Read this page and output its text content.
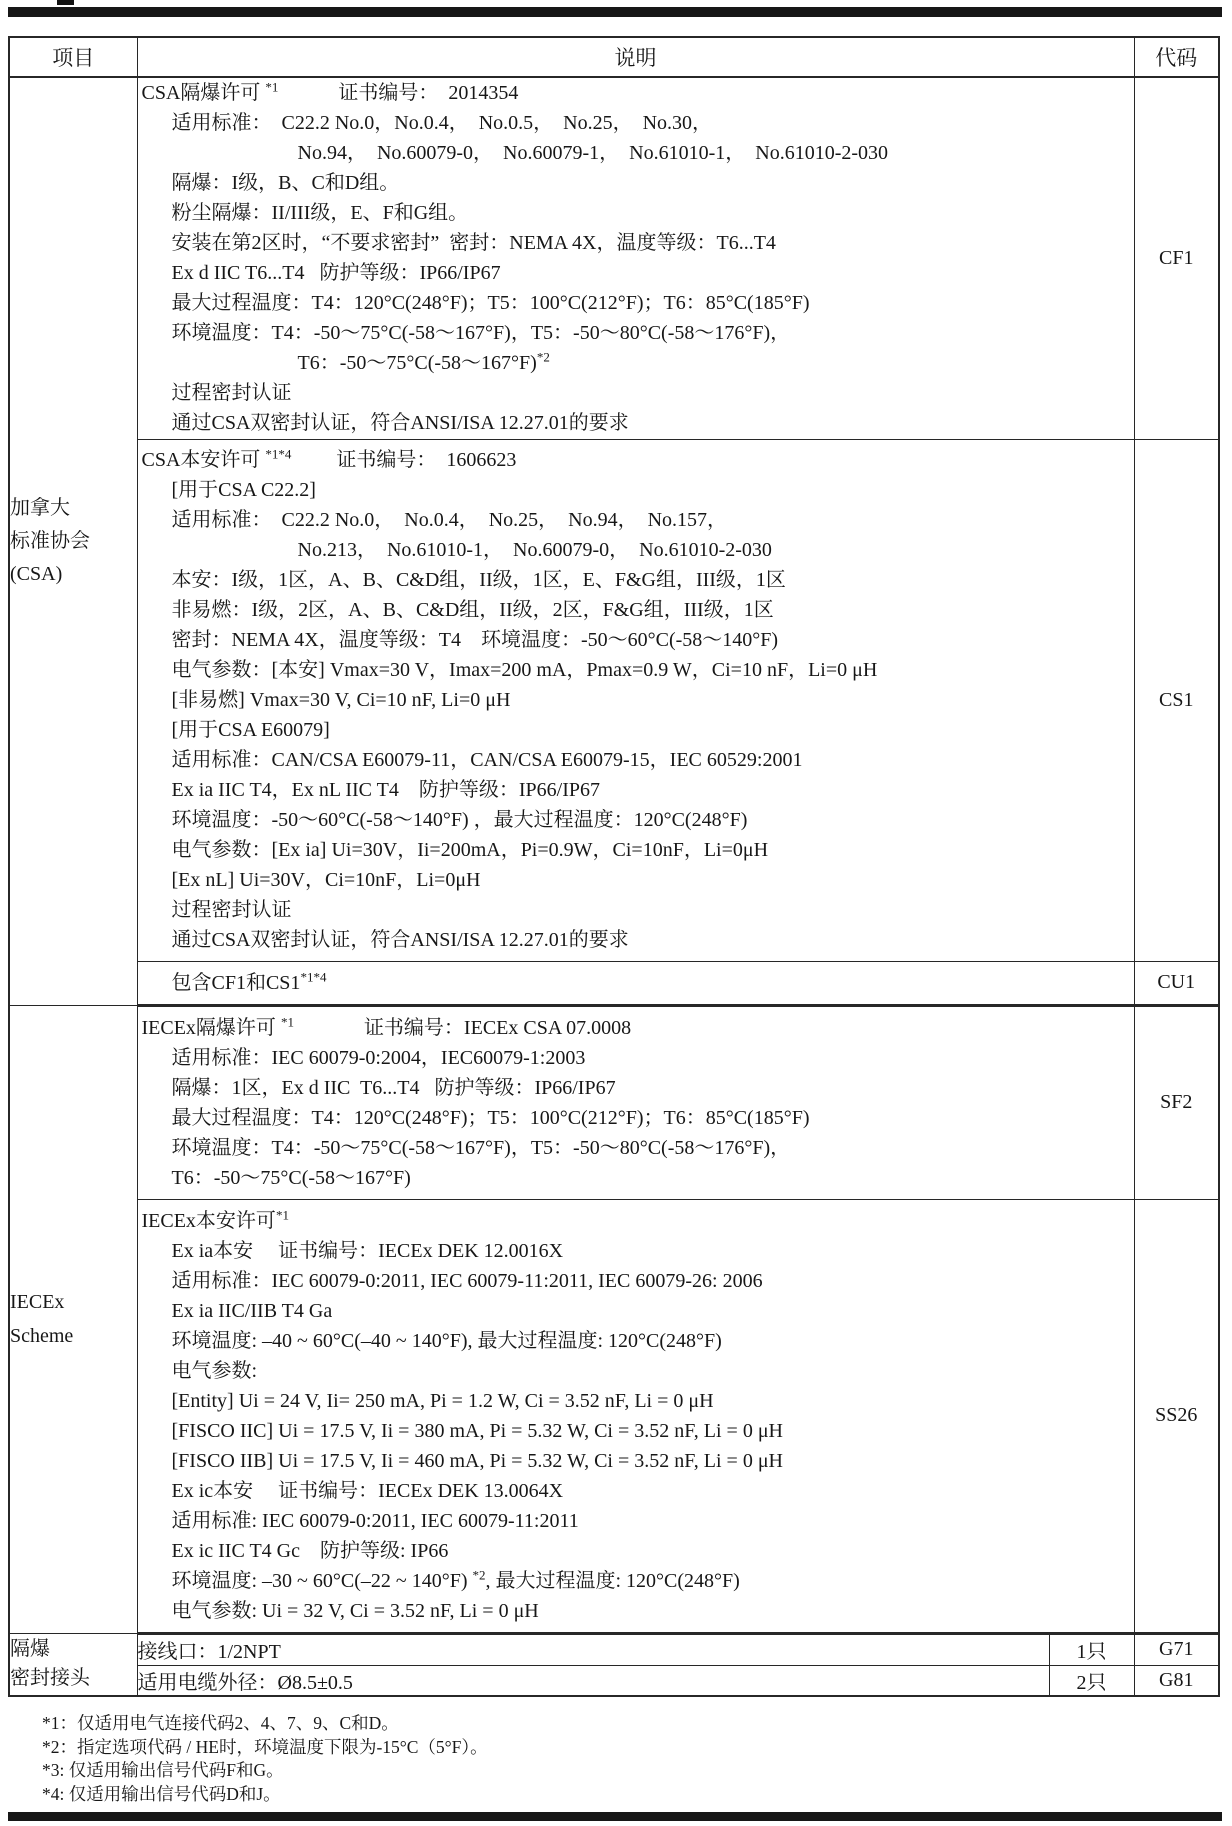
项目	说明		代码

加拿大
标准协会
(CSA)

CSA隔爆许可 $^{*1}$            证书编号：  2014354
适用标准：  C22.2 No.0，No.0.4，  No.0.5，  No.25，  No.30，
No.94，  No.60079-0，  No.60079-1，  No.61010-1，  No.61010-2-030
隔爆：I级，B、C和D组。
粉尘隔爆：II/III级，E、F和G组。
安装在第2区时，“不要求密封”  密封：NEMA 4X，温度等级：T6...T4
Ex d IIC T6...T4   防护等级：IP66/IP67
最大过程温度：T4：120°C(248°F)；T5：100°C(212°F)；T6：85°C(185°F)
环境温度：T4：-50～75°C(-58～167°F)，T5：-50～80°C(-58～176°F)，
T6：-50～75°C(-58～167°F)$^{*2}$
过程密封认证
通过CSA双密封认证，符合ANSI/ISA 12.27.01的要求
	CF1

CSA本安许可 $^{*1*4}$         证书编号：  1606623
[用于CSA C22.2]
适用标准：  C22.2 No.0，  No.0.4，  No.25，  No.94，  No.157，
No.213，  No.61010-1，  No.60079-0，  No.61010-2-030
本安：I级，1区，A、B、C&D组，II级，1区，E、F&G组，III级，1区
非易燃：I级，2区，A、B、C&D组，II级，2区，F&G组，III级，1区
密封：NEMA 4X，温度等级：T4    环境温度：-50～60°C(-58～140°F)
电气参数：[本安] Vmax=30 V，Imax=200 mA，Pmax=0.9 W，Ci=10 nF，Li=0 μH
[非易燃] Vmax=30 V, Ci=10 nF, Li=0 μH
[用于CSA E60079]
适用标准：CAN/CSA E60079-11，CAN/CSA E60079-15，IEC 60529:2001
Ex ia IIC T4，Ex nL IIC T4    防护等级：IP66/IP67
环境温度：-50～60°C(-58～140°F) ，最大过程温度：120°C(248°F)
电气参数：[Ex ia] Ui=30V，Ii=200mA，Pi=0.9W，Ci=10nF，Li=0μH
[Ex nL] Ui=30V，Ci=10nF，Li=0μH
过程密封认证
通过CSA双密封认证，符合ANSI/ISA 12.27.01的要求
	CS1

	包含CF1和$CS1^{*1*4}$		CU1

IECEx
Scheme

IECEx隔爆许可 $^{*1}$              证书编号：IECEx CSA 07.0008
适用标准：IEC 60079-0:2004，IEC60079-1:2003
隔爆：1区，Ex d IIC  T6...T4   防护等级：IP66/IP67
最大过程温度：T4：120°C(248°F)；T5：100°C(212°F)；T6：85°C(185°F)
环境温度：T4：-50～75°C(-58～167°F)，T5：-50～80°C(-58～176°F)，
T6：-50～75°C(-58～167°F)
	SF2

IECEx本安许可$^{*1}$
Ex ia本安     证书编号：IECEx DEK 12.0016X
适用标准：IEC 60079-0:2011, IEC 60079-11:2011, IEC 60079-26: 2006
Ex ia IIC/IIB T4 Ga
环境温度: –40 ~ 60°C(–40 ~ 140°F), 最大过程温度: 120°C(248°F)
电气参数:
[Entity] Ui = 24 V, Ii= 250 mA, Pi = 1.2 W, Ci = 3.52 nF, Li = 0 μH
[FISCO IIC] Ui = 17.5 V, Ii = 380 mA, Pi = 5.32 W, Ci = 3.52 nF, Li = 0 μH
[FISCO IIB] Ui = 17.5 V, Ii = 460 mA, Pi = 5.32 W, Ci = 3.52 nF, Li = 0 μH
Ex ic本安     证书编号：IECEx DEK 13.0064X
适用标准: IEC 60079-0:2011, IEC 60079-11:2011
Ex ic IIC T4 Gc    防护等级: IP66
环境温度: –30 ~ 60°C(–22 ~ 140°F) $^{*2}$, 最大过程温度: 120°C(248°F)
电气参数: Ui = 32 V, Ci = 3.52 nF, Li = 0 μH
	SS26

隔爆
密封接头	接线口：1/2NPT	1只	G71
	适用电缆外径：Ø8.5±0.5	2只	G81
*1：仅适用电气连接代码2、4、7、9、C和D。
*2：指定选项代码 / HE时，环境温度下限为-15°C（5°F）。
*3: 仅适用输出信号代码F和G。
*4: 仅适用输出信号代码D和J。
